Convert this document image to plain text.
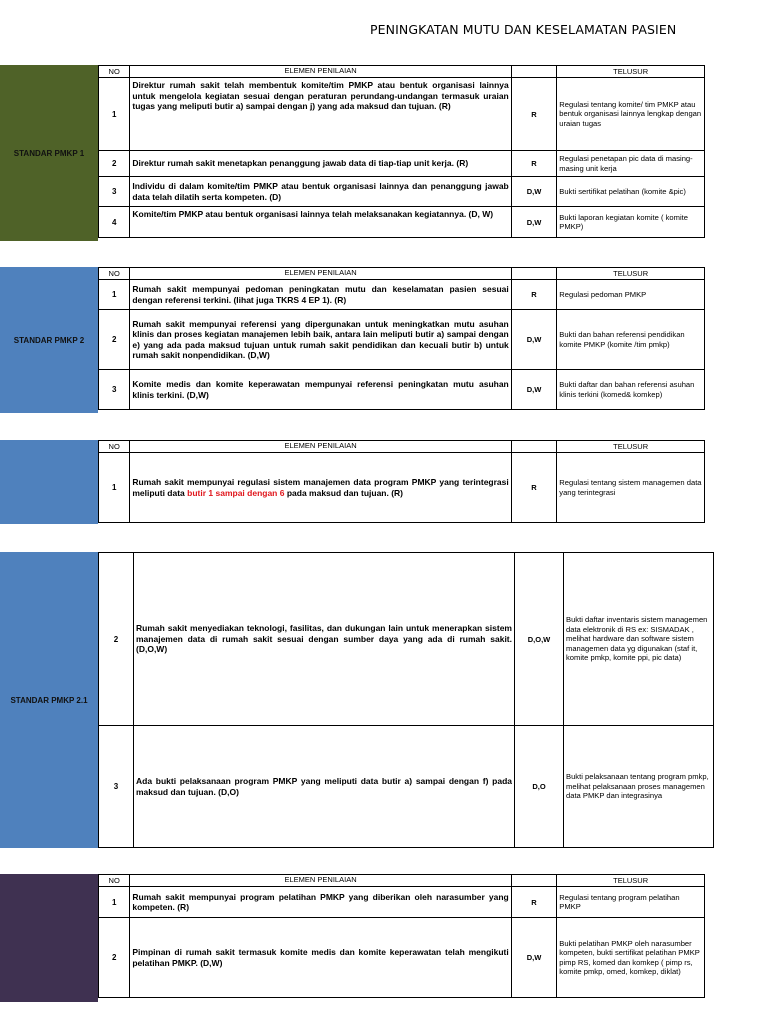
PENINGKATAN MUTU DAN KESELAMATAN PASIEN
STANDAR PMKP 1
NO	ELEMEN PENILAIAN		TELUSUR
1	Direktur rumah sakit telah membentuk komite/tim PMKP atau bentuk organisasi lainnya untuk mengelola kegiatan sesuai dengan peraturan perundang-undangan termasuk uraian tugas yang meliputi butir a) sampai dengan j) yang ada maksud dan tujuan. (R)	R	Regulasi tentang komite/ tim PMKP atau bentuk organisasi lainnya lengkap dengan uraian tugas
2	Direktur rumah sakit menetapkan penanggung jawab data di tiap-tiap unit kerja. (R)	R	Regulasi penetapan pic data di masing-masing unit kerja
3	Individu di dalam komite/tim PMKP atau bentuk organisasi lainnya dan penanggung jawab data telah dilatih serta kompeten. (D)	D,W	Bukti sertifikat pelatihan (komite &pic)
4	Komite/tim PMKP atau bentuk organisasi lainnya telah melaksanakan kegiatannya. (D, W)	D,W	Bukti laporan kegiatan komite ( komite PMKP)
STANDAR PMKP 2
NO	ELEMEN PENILAIAN		TELUSUR
1	Rumah sakit mempunyai pedoman peningkatan mutu dan keselamatan pasien sesuai dengan referensi terkini. (lihat juga TKRS 4 EP 1). (R)	R	Regulasi pedoman PMKP
2	Rumah sakit mempunyai referensi yang dipergunakan untuk meningkatkan mutu asuhan klinis dan proses kegiatan manajemen lebih baik, antara lain meliputi butir a) sampai dengan e) yang ada pada maksud tujuan untuk rumah sakit pendidikan dan kecuali butir b) untuk rumah sakit nonpendidikan. (D,W)	D,W	Bukti dan bahan referensi pendidikan komite PMKP (komite /tim pmkp)
3	Komite medis dan komite keperawatan mempunyai referensi peningkatan mutu asuhan klinis terkini. (D,W)	D,W	Bukti daftar dan bahan referensi asuhan klinis terkini (komed& komkep)
NO	ELEMEN PENILAIAN		TELUSUR
1	Rumah sakit mempunyai regulasi sistem manajemen data program PMKP yang terintegrasi meliputi data butir 1 sampai dengan 6 pada maksud dan tujuan. (R)	R	Regulasi tentang sistem managemen data yang terintegrasi
STANDAR PMKP 2.1
2	Rumah sakit menyediakan teknologi, fasilitas, dan dukungan lain untuk menerapkan sistem manajemen data di rumah sakit sesuai dengan sumber daya yang ada di rumah sakit. (D,O,W)	D,O,W	Bukti daftar inventaris sistem managemen data elektronik di RS ex: SISMADAK , melihat hardware dan software sistem managemen data yg digunakan (staf it, komite pmkp, komite ppi, pic data)
3	Ada bukti pelaksanaan program PMKP yang meliputi data butir a) sampai dengan f) pada maksud dan tujuan. (D,O)	D,O	Bukti pelaksanaan tentang program pmkp, melihat pelaksanaan proses managemen data PMKP dan integrasinya
NO	ELEMEN PENILAIAN		TELUSUR
1	Rumah sakit mempunyai program pelatihan PMKP yang diberikan oleh narasumber yang kompeten. (R)	R	Regulasi tentang program pelatihan PMKP
2	Pimpinan di rumah sakit termasuk komite medis dan komite keperawatan telah mengikuti pelatihan PMKP. (D,W)	D,W	Bukti pelatihan PMKP oleh narasumber kompeten, bukti sertifikat pelatihan PMKP pimp RS, komed dan komkep ( pimp rs, komite pmkp, omed, komkep, diklat)
